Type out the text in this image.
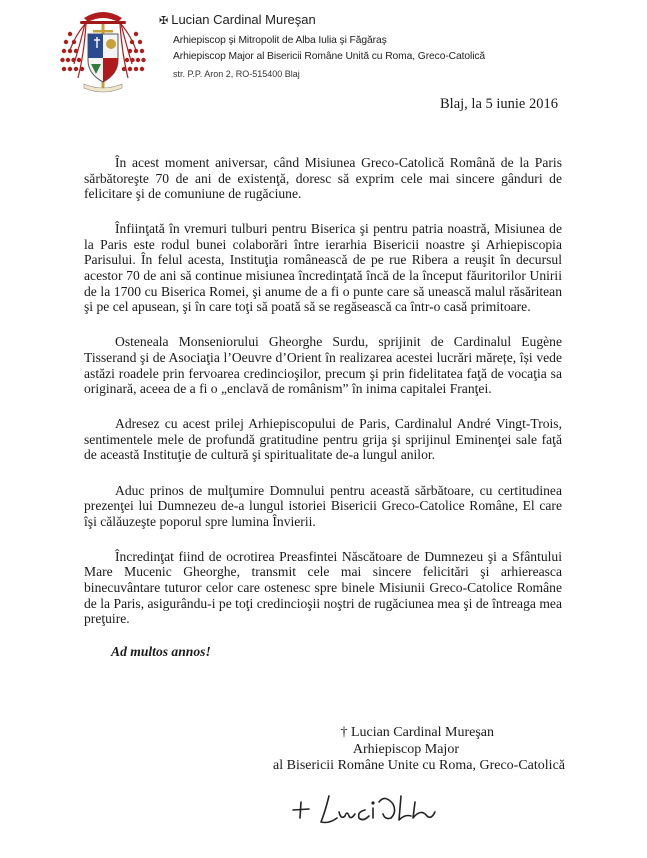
✠ Lucian Cardinal Mureşan
Arhiepiscop şi Mitropolit de Alba Iulia şi Făgăraş
Arhiepiscop Major al Bisericii Române Unită cu Roma, Greco-Catolică
str. P.P. Aron 2, RO-515400 Blaj
Blaj, la 5 iunie 2016

În acest moment aniversar, când Misiunea Greco-Catolică Română de la Paris sărbătoreşte 70 de ani de existenţă, doresc să exprim cele mai sincere gânduri de felicitare şi de comuniune de rugăciune.

Înfiinţată în vremuri tulburi pentru Biserica şi pentru patria noastră, Misiunea de la Paris este rodul bunei colaborări între ierarhia Bisericii noastre şi Arhiepiscopia Parisului. În felul acesta, Instituţia românească de pe rue Ribera a reuşit în decursul acestor 70 de ani să continue misiunea încredinţată încă de la început făuritorilor Unirii de la 1700 cu Biserica Romei, şi anume de a fi o punte care să unească malul răsăritean şi pe cel apusean, şi în care toţi să poată să se regăsească ca într-o casă primitoare.

Osteneala Monseniorului Gheorghe Surdu, sprijinit de Cardinalul Eugène Tisserand şi de Asociaţia l’Oeuvre d’Orient în realizarea acestei lucrări mărețe, își vede astăzi roadele prin fervoarea credincioşilor, precum şi prin fidelitatea faţă de vocaţia sa originară, aceea de a fi o „enclavă de românism” în inima capitalei Franţei.

Adresez cu acest prilej Arhiepiscopului de Paris, Cardinalul André Vingt-Trois, sentimentele mele de profundă gratitudine pentru grija şi sprijinul Eminenţei sale faţă de această Instituţie de cultură şi spiritualitate de-a lungul anilor.

Aduc prinos de mulţumire Domnului pentru această sărbătoare, cu certitudinea prezenţei lui Dumnezeu de-a lungul istoriei Bisericii Greco-Catolice Române, El care îşi călăuzeşte poporul spre lumina Învierii.

Încredinţat fiind de ocrotirea Preasfintei Născătoare de Dumnezeu şi a Sfântului Mare Mucenic Gheorghe, transmit cele mai sincere felicitări şi arhiereasca binecuvântare tuturor celor care ostenesc spre binele Misiunii Greco-Catolice Române de la Paris, asigurându-i pe toţi credincioşii noştri de rugăciunea mea şi de întreaga mea preţuire.

Ad multos annos!

† Lucian Cardinal Mureşan
Arhiepiscop Major
al Bisericii Române Unite cu Roma, Greco-Catolică
